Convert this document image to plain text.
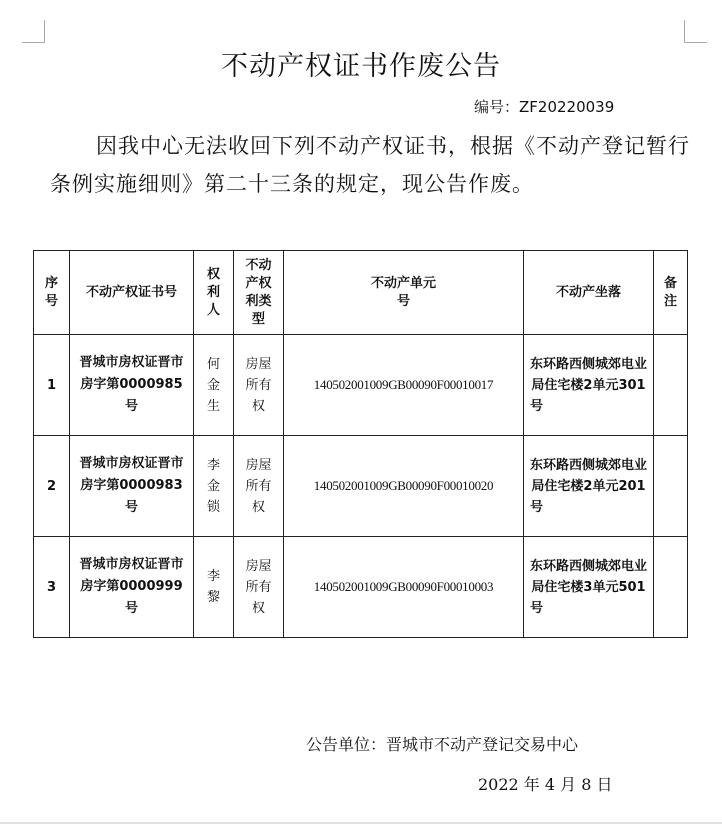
不动产权证书作废公告
编号：ZF20220039
因我中心无法收回下列不动产权证书，根据《不动产登记暂行条例实施细则》第二十三条的规定，现公告作废。
序号	不动产权证书号	权利人	不动产权利类型	不动产单元号	不动产坐落	备注
1	晋城市房权证晋市房字第0000985号	何金生	房屋所有权	140502001009GB00090F00010017	东环路西侧城郊电业局住宅楼2单元301号	
2	晋城市房权证晋市房字第0000983号	李金锁	房屋所有权	140502001009GB00090F00010020	东环路西侧城郊电业局住宅楼2单元201号	
3	晋城市房权证晋市房字第0000999号	李黎	房屋所有权	140502001009GB00090F00010003	东环路西侧城郊电业局住宅楼3单元501号	
公告单位：晋城市不动产登记交易中心
2022 年 4 月 8 日
